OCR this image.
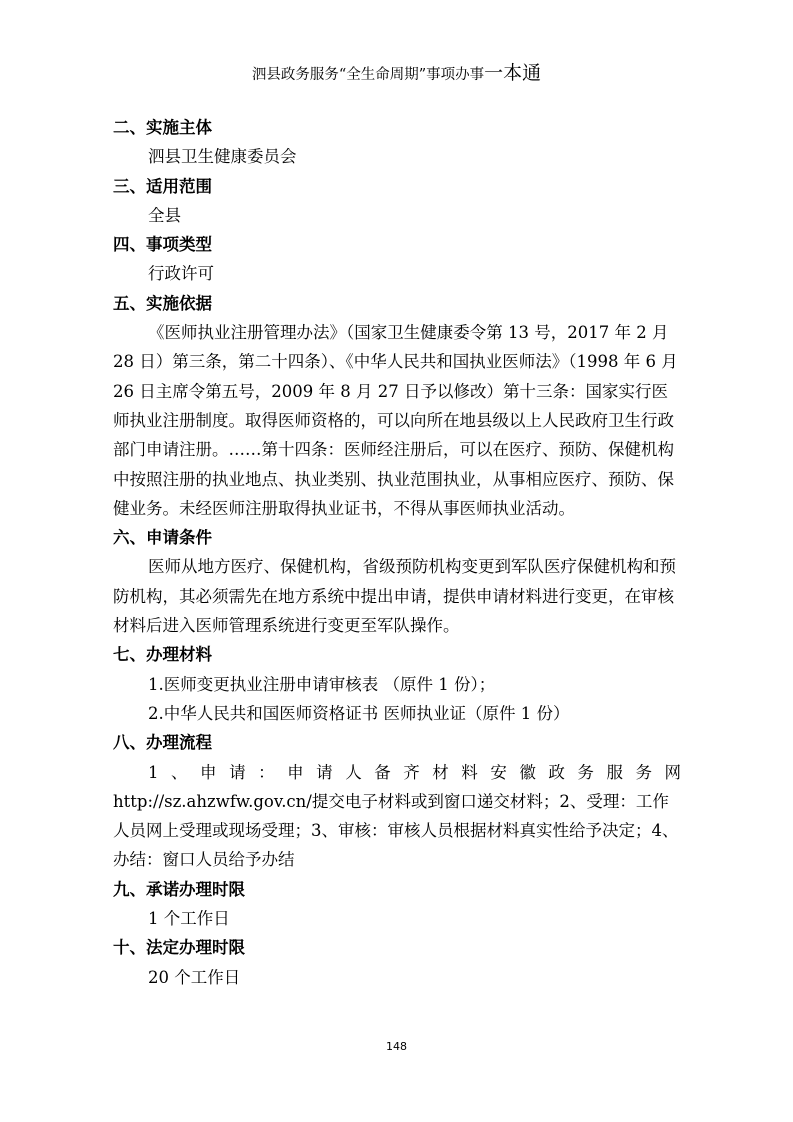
泗县政务服务“全生命周期”事项办事一本通
二、实施主体

泗县卫生健康委员会

三、适用范围

全县

四、事项类型

行政许可

五、实施依据

《医师执业注册管理办法》（国家卫生健康委令第 13 号，2017 年 2 月 28 日）第三条，第二十四条）、《中华人民共和国执业医师法》（1998 年 6 月 26 日主席令第五号，2009 年 8 月 27 日予以修改）第十三条：国家实行医师执业注册制度。取得医师资格的，可以向所在地县级以上人民政府卫生行政部门申请注册。……第十四条：医师经注册后，可以在医疗、预防、保健机构中按照注册的执业地点、执业类别、执业范围执业，从事相应医疗、预防、保健业务。未经医师注册取得执业证书，不得从事医师执业活动。

六、申请条件

医师从地方医疗、保健机构，省级预防机构变更到军队医疗保健机构和预防机构，其必须需先在地方系统中提出申请，提供申请材料进行变更，在审核材料后进入医师管理系统进行变更至军队操作。

七、办理材料

1.医师变更执业注册申请审核表 （原件 1 份）；

2.中华人民共和国医师资格证书 医师执业证（原件 1 份）

八、办理流程

1、申请：申请人备齐材料安徽政务服务网

http://sz.ahzwfw.gov.cn/提交电子材料或到窗口递交材料；2、受理：工作人员网上受理或现场受理；3、审核：审核人员根据材料真实性给予决定；4、办结：窗口人员给予办结

九、承诺办理时限

1 个工作日

十、法定办理时限

20 个工作日

148
